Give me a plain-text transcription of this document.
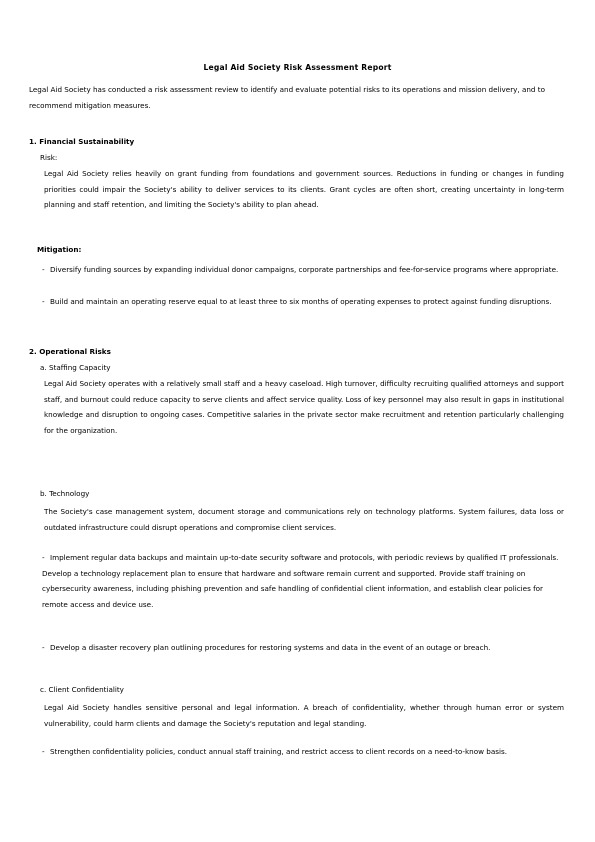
Legal Aid Society Risk Assessment Report

Legal Aid Society has conducted a risk assessment review to identify and evaluate potential risks to its operations and mission delivery, and to recommend mitigation measures.

1. Financial Sustainability
Risk:

Legal Aid Society relies heavily on grant funding from foundations and government sources. Reductions in funding or changes in funding priorities could impair the Society's ability to deliver services to its clients. Grant cycles are often short, creating uncertainty in long-term planning and staff retention, and limiting the Society's ability to plan ahead.

Mitigation:
- Diversify funding sources by expanding individual donor campaigns, corporate partnerships and fee-for-service programs where appropriate.
- Build and maintain an operating reserve equal to at least three to six months of operating expenses to protect against funding disruptions.
2. Operational Risks
a. Staffing Capacity

Legal Aid Society operates with a relatively small staff and a heavy caseload. High turnover, difficulty recruiting qualified attorneys and support staff, and burnout could reduce capacity to serve clients and affect service quality. Loss of key personnel may also result in gaps in institutional knowledge and disruption to ongoing cases. Competitive salaries in the private sector make recruitment and retention particularly challenging for the organization.

b. Technology

The Society's case management system, document storage and communications rely on technology platforms. System failures, data loss or outdated infrastructure could disrupt operations and compromise client services.

- Implement regular data backups and maintain up-to-date security software and protocols, with periodic reviews by qualified IT professionals. Develop a technology replacement plan to ensure that hardware and software remain current and supported. Provide staff training on cybersecurity awareness, including phishing prevention and safe handling of confidential client information, and establish clear policies for remote access and device use.
- Develop a disaster recovery plan outlining procedures for restoring systems and data in the event of an outage or breach.
c. Client Confidentiality

Legal Aid Society handles sensitive personal and legal information. A breach of confidentiality, whether through human error or system vulnerability, could harm clients and damage the Society's reputation and legal standing.

- Strengthen confidentiality policies, conduct annual staff training, and restrict access to client records on a need-to-know basis.
